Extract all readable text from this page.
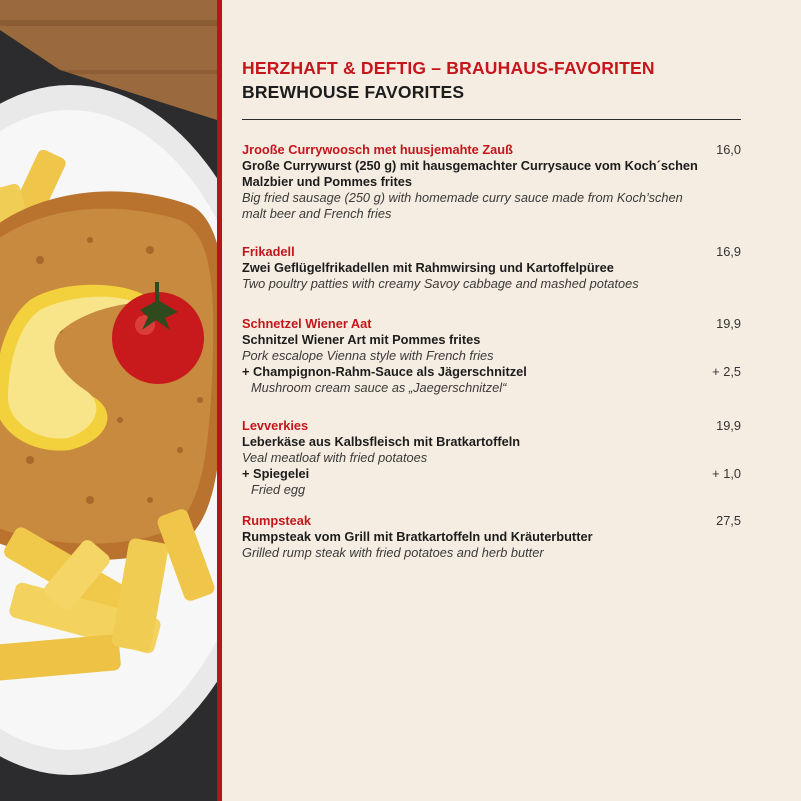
HERZHAFT & DEFTIG – BRAUHAUS-FAVORITEN
BREWHOUSE FAVORITES
Jrooße Currywoosch met huusjemahte Zauß	16,0
Große Currywurst (250 g) mit hausgemachter Currysauce vom Koch´schen
Malzbier und Pommes frites
Big fried sausage (250 g) with homemade curry sauce made from Koch’schen
malt beer and French fries
Frikadell	16,9
Zwei Geflügelfrikadellen mit Rahmwirsing und Kartoffelpüree
Two poultry patties with creamy Savoy cabbage and mashed potatoes
Schnetzel Wiener Aat	19,9
Schnitzel Wiener Art mit Pommes frites
Pork escalope Vienna style with French fries
+ Champignon-Rahm-Sauce als Jägerschnitzel	+ 2,5
Mushroom cream sauce as „Jaegerschnitzel“
Levverkies	19,9
Leberkäse aus Kalbsfleisch mit Bratkartoffeln
Veal meatloaf with fried potatoes
+ Spiegelei	+ 1,0
Fried egg
Rumpsteak	27,5
Rumpsteak vom Grill mit Bratkartoffeln und Kräuterbutter
Grilled rump steak with fried potatoes and herb butter
